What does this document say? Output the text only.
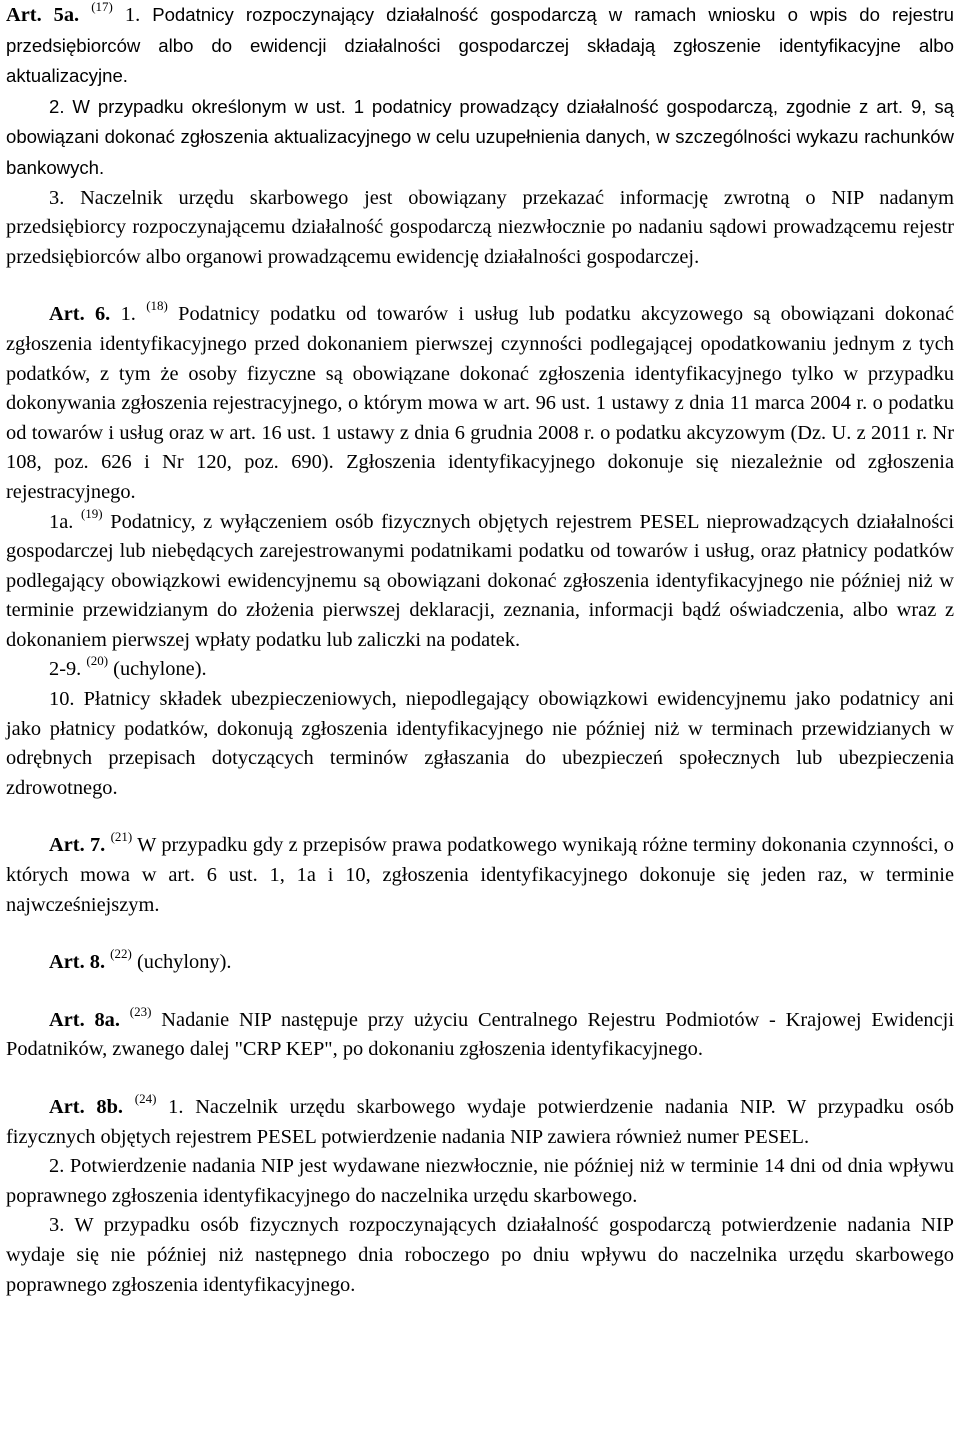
Art. 5a. $^{(17)}$ 1. Podatnicy rozpoczynający działalność gospodarczą w ramach wniosku o wpis do rejestru przedsiębiorców albo do ewidencji działalności gospodarczej składają zgłoszenie identyfikacyjne albo aktualizacyjne.

2. W przypadku określonym w ust. 1 podatnicy prowadzący działalność gospodarczą, zgodnie z art. 9, są obowiązani dokonać zgłoszenia aktualizacyjnego w celu uzupełnienia danych, w szczególności wykazu rachunków bankowych.

3. Naczelnik urzędu skarbowego jest obowiązany przekazać informację zwrotną o NIP nadanym przedsiębiorcy rozpoczynającemu działalność gospodarczą niezwłocznie po nadaniu sądowi prowadzącemu rejestr przedsiębiorców albo organowi prowadzącemu ewidencję działalności gospodarczej.

Art. 6. 1. $^{(18)}$ Podatnicy podatku od towarów i usług lub podatku akcyzowego są obowiązani dokonać zgłoszenia identyfikacyjnego przed dokonaniem pierwszej czynności podlegającej opodatkowaniu jednym z tych podatków, z tym że osoby fizyczne są obowiązane dokonać zgłoszenia identyfikacyjnego tylko w przypadku dokonywania zgłoszenia rejestracyjnego, o którym mowa w art. 96 ust. 1 ustawy z dnia 11 marca 2004 r. o podatku od towarów i usług oraz w art. 16 ust. 1 ustawy z dnia 6 grudnia 2008 r. o podatku akcyzowym (Dz. U. z 2011 r. Nr 108, poz. 626 i Nr 120, poz. 690). Zgłoszenia identyfikacyjnego dokonuje się niezależnie od zgłoszenia rejestracyjnego.

1a. $^{(19)}$ Podatnicy, z wyłączeniem osób fizycznych objętych rejestrem PESEL nieprowadzących działalności gospodarczej lub niebędących zarejestrowanymi podatnikami podatku od towarów i usług, oraz płatnicy podatków podlegający obowiązkowi ewidencyjnemu są obowiązani dokonać zgłoszenia identyfikacyjnego nie później niż w terminie przewidzianym do złożenia pierwszej deklaracji, zeznania, informacji bądź oświadczenia, albo wraz z dokonaniem pierwszej wpłaty podatku lub zaliczki na podatek.

2-9. $^{(20)}$ (uchylone).

10. Płatnicy składek ubezpieczeniowych, niepodlegający obowiązkowi ewidencyjnemu jako podatnicy ani jako płatnicy podatków, dokonują zgłoszenia identyfikacyjnego nie później niż w terminach przewidzianych w odrębnych przepisach dotyczących terminów zgłaszania do ubezpieczeń społecznych lub ubezpieczenia zdrowotnego.

Art. 7. $^{(21)}$ W przypadku gdy z przepisów prawa podatkowego wynikają różne terminy dokonania czynności, o których mowa w art. 6 ust. 1, 1a i 10, zgłoszenia identyfikacyjnego dokonuje się jeden raz, w terminie najwcześniejszym.

Art. 8. $^{(22)}$ (uchylony).

Art. 8a. $^{(23)}$ Nadanie NIP następuje przy użyciu Centralnego Rejestru Podmiotów - Krajowej Ewidencji Podatników, zwanego dalej "CRP KEP", po dokonaniu zgłoszenia identyfikacyjnego.

Art. 8b. $^{(24)}$ 1. Naczelnik urzędu skarbowego wydaje potwierdzenie nadania NIP. W przypadku osób fizycznych objętych rejestrem PESEL potwierdzenie nadania NIP zawiera również numer PESEL.

2. Potwierdzenie nadania NIP jest wydawane niezwłocznie, nie później niż w terminie 14 dni od dnia wpływu poprawnego zgłoszenia identyfikacyjnego do naczelnika urzędu skarbowego.

3. W przypadku osób fizycznych rozpoczynających działalność gospodarczą potwierdzenie nadania NIP wydaje się nie później niż następnego dnia roboczego po dniu wpływu do naczelnika urzędu skarbowego poprawnego zgłoszenia identyfikacyjnego.
